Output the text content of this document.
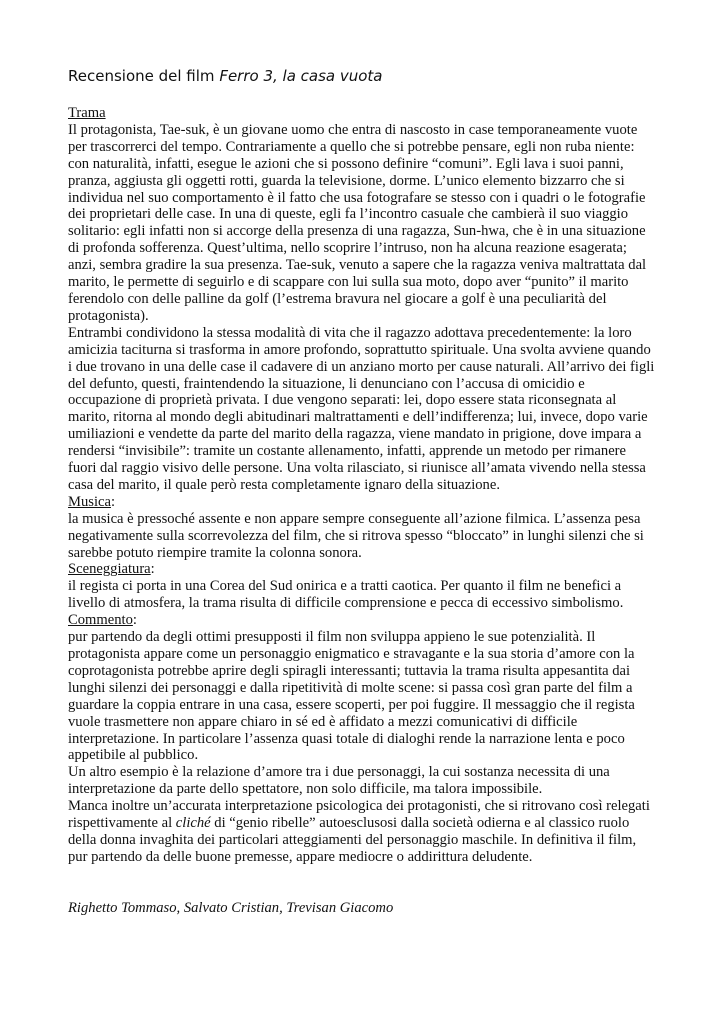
Recensione del film Ferro 3, la casa vuota
Trama

Il protagonista, Tae-suk, è un giovane uomo che entra di nascosto in case temporaneamente vuote per trascorrerci del tempo. Contrariamente a quello che si potrebbe pensare, egli non ruba niente: con naturalità, infatti, esegue le azioni che si possono definire “comuni”. Egli lava i suoi panni, pranza, aggiusta gli oggetti rotti, guarda la televisione, dorme. L’unico elemento bizzarro che si individua nel suo comportamento è il fatto che usa fotografare se stesso con i quadri o le fotografie dei proprietari delle case. In una di queste, egli fa l’incontro casuale che cambierà il suo viaggio solitario: egli infatti non si accorge della presenza di una ragazza, Sun-hwa, che è in una situazione di profonda sofferenza. Quest’ultima, nello scoprire l’intruso, non ha alcuna reazione esagerata; anzi, sembra gradire la sua presenza. Tae-suk, venuto a sapere che la ragazza veniva maltrattata dal marito, le permette di seguirlo e di scappare con lui sulla sua moto, dopo aver “punito” il marito ferendolo con delle palline da golf (l’estrema bravura nel giocare a golf è una peculiarità del protagonista).

Entrambi condividono la stessa modalità di vita che il ragazzo adottava precedentemente: la loro amicizia taciturna si trasforma in amore profondo, soprattutto spirituale. Una svolta avviene quando i due trovano in una delle case il cadavere di un anziano morto per cause naturali. All’arrivo dei figli del defunto, questi, fraintendendo la situazione, li denunciano con l’accusa di omicidio e occupazione di proprietà privata. I due vengono separati: lei, dopo essere stata riconsegnata al marito, ritorna al mondo degli abitudinari maltrattamenti e dell’indifferenza; lui, invece, dopo varie umiliazioni e vendette da parte del marito della ragazza, viene mandato in prigione, dove impara a rendersi “invisibile”: tramite un costante allenamento, infatti, apprende un metodo per rimanere fuori dal raggio visivo delle persone. Una volta rilasciato, si riunisce all’amata vivendo nella stessa casa del marito, il quale però resta completamente ignaro della situazione.

Musica:

la musica è pressoché assente e non appare sempre conseguente all’azione filmica. L’assenza pesa negativamente sulla scorrevolezza del film, che si ritrova spesso “bloccato” in lunghi silenzi che si sarebbe potuto riempire tramite la colonna sonora.

Sceneggiatura:

il regista ci porta in una Corea del Sud onirica e a tratti caotica. Per quanto il film ne benefici a livello di atmosfera, la trama risulta di difficile comprensione e pecca di eccessivo simbolismo.

Commento:

pur partendo da degli ottimi presupposti il film non sviluppa appieno le sue potenzialità. Il protagonista appare come un personaggio enigmatico e stravagante e la sua storia d’amore con la coprotagonista potrebbe aprire degli spiragli interessanti; tuttavia la trama risulta appesantita dai lunghi silenzi dei personaggi e dalla ripetitività di molte scene: si passa così gran parte del film a guardare la coppia entrare in una casa, essere scoperti, per poi fuggire. Il messaggio che il regista vuole trasmettere non appare chiaro in sé ed è affidato a mezzi comunicativi di difficile interpretazione. In particolare l’assenza quasi totale di dialoghi rende la narrazione lenta e poco appetibile al pubblico.

Un altro esempio è la relazione d’amore tra i due personaggi, la cui sostanza necessita di una interpretazione da parte dello spettatore, non solo difficile, ma talora impossibile.

Manca inoltre un’accurata interpretazione psicologica dei protagonisti, che si ritrovano così relegati rispettivamente al cliché di “genio ribelle” autoesclusosi dalla società odierna e al classico ruolo della donna invaghita dei particolari atteggiamenti del personaggio maschile. In definitiva il film, pur partendo da delle buone premesse, appare mediocre o addirittura deludente.

Righetto Tommaso, Salvato Cristian, Trevisan Giacomo
